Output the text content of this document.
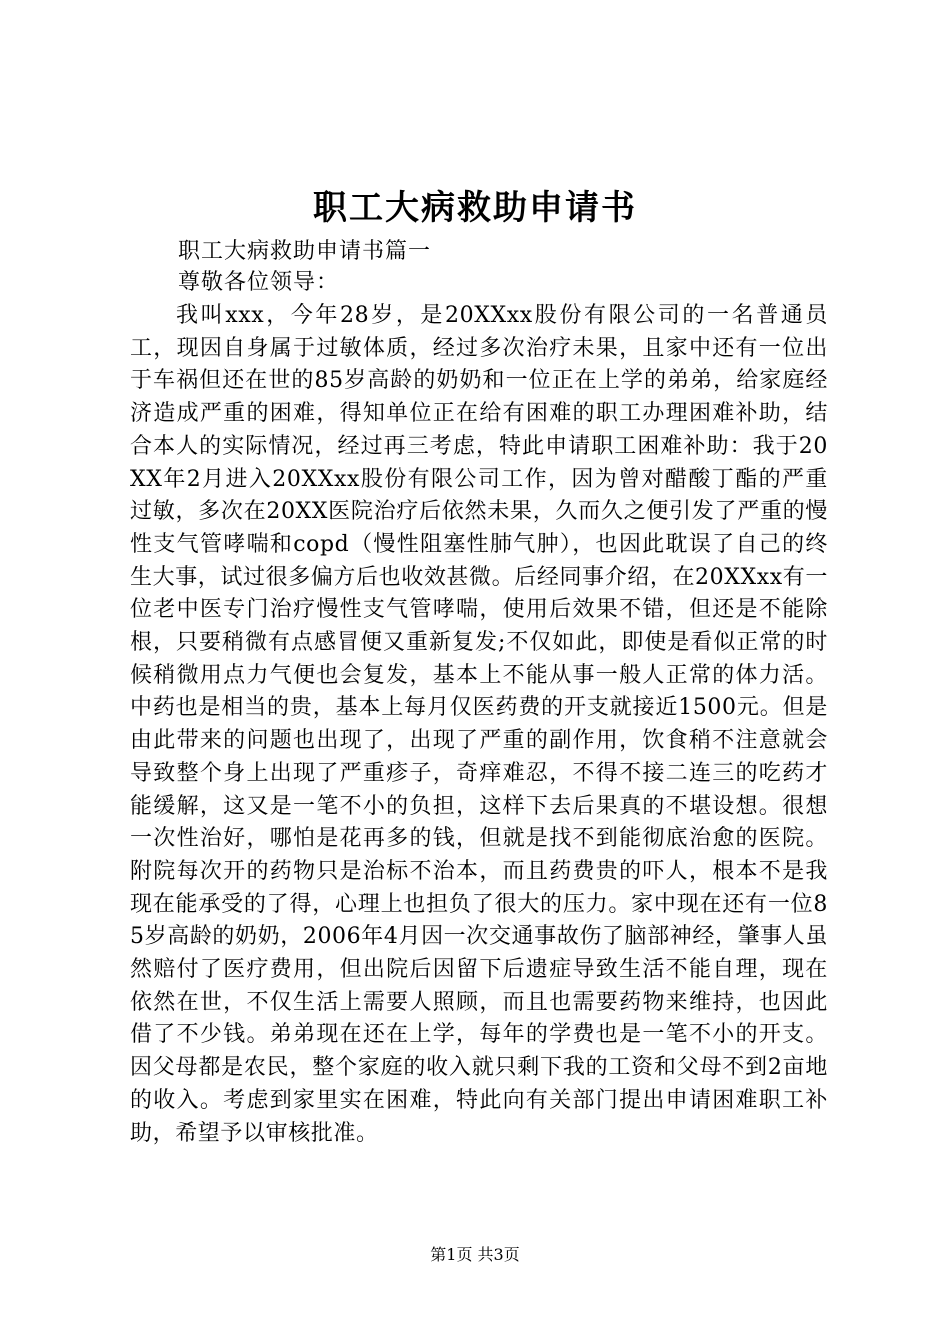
职工大病救助申请书

职工大病救助申请书篇一

尊敬各位领导：

我叫xxx，今年28岁，是20XXxx股份有限公司的一名普通员工，现因自身属于过敏体质，经过多次治疗未果，且家中还有一位出于车祸但还在世的85岁高龄的奶奶和一位正在上学的弟弟，给家庭经济造成严重的困难，得知单位正在给有困难的职工办理困难补助，结合本人的实际情况，经过再三考虑，特此申请职工困难补助：我于20XX年2月进入20XXxx股份有限公司工作，因为曾对醋酸丁酯的严重过敏，多次在20XX医院治疗后依然未果，久而久之便引发了严重的慢性支气管哮喘和copd（慢性阻塞性肺气肿），也因此耽误了自己的终生大事，试过很多偏方后也收效甚微。后经同事介绍，在20XXxx有一位老中医专门治疗慢性支气管哮喘，使用后效果不错，但还是不能除根，只要稍微有点感冒便又重新复发;不仅如此，即使是看似正常的时候稍微用点力气便也会复发，基本上不能从事一般人正常的体力活。中药也是相当的贵，基本上每月仅医药费的开支就接近1500元。但是由此带来的问题也出现了，出现了严重的副作用，饮食稍不注意就会导致整个身上出现了严重疹子，奇痒难忍，不得不接二连三的吃药才能缓解，这又是一笔不小的负担，这样下去后果真的不堪设想。很想一次性治好，哪怕是花再多的钱，但就是找不到能彻底治愈的医院。附院每次开的药物只是治标不治本，而且药费贵的吓人，根本不是我现在能承受的了得，心理上也担负了很大的压力。家中现在还有一位85岁高龄的奶奶，2006年4月因一次交通事故伤了脑部神经，肇事人虽然赔付了医疗费用，但出院后因留下后遗症导致生活不能自理，现在依然在世，不仅生活上需要人照顾，而且也需要药物来维持，也因此借了不少钱。弟弟现在还在上学，每年的学费也是一笔不小的开支。因父母都是农民，整个家庭的收入就只剩下我的工资和父母不到2亩地的收入。考虑到家里实在困难，特此向有关部门提出申请困难职工补助，希望予以审核批准。

第1页 共3页
